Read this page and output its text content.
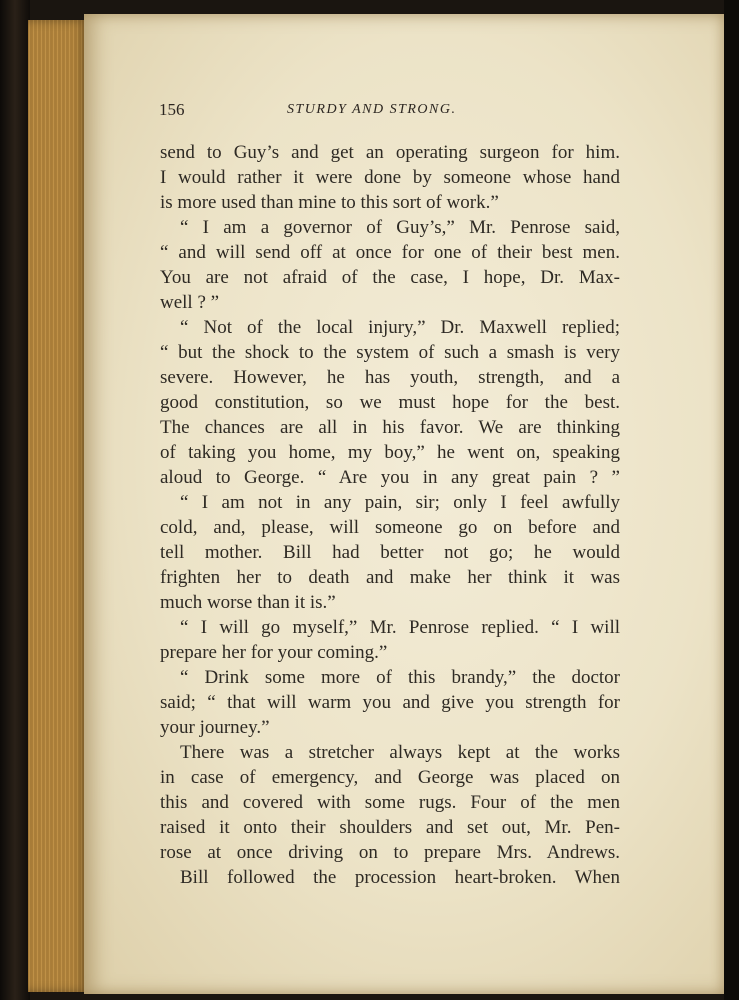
156	STURDY AND STRONG.
send to Guy’s and get an operating surgeon for him.
I would rather it were done by someone whose hand
is more used than mine to this sort of work.”
“ I am a governor of Guy’s,” Mr. Penrose said,
“ and will send off at once for one of their best men.
You are not afraid of the case, I hope, Dr. Max-
well ? ”
“ Not of the local injury,” Dr. Maxwell replied;
“ but the shock to the system of such a smash is very
severe. However, he has youth, strength, and a
good constitution, so we must hope for the best.
The chances are all in his favor. We are thinking
of taking you home, my boy,” he went on, speaking
aloud to George. “ Are you in any great pain ? ”
“ I am not in any pain, sir; only I feel awfully
cold, and, please, will someone go on before and
tell mother. Bill had better not go; he would
frighten her to death and make her think it was
much worse than it is.”
“ I will go myself,” Mr. Penrose replied. “ I will
prepare her for your coming.”
“ Drink some more of this brandy,” the doctor
said; “ that will warm you and give you strength for
your journey.”
There was a stretcher always kept at the works
in case of emergency, and George was placed on
this and covered with some rugs. Four of the men
raised it onto their shoulders and set out, Mr. Pen-
rose at once driving on to prepare Mrs. Andrews.
Bill followed the procession heart-broken. When
